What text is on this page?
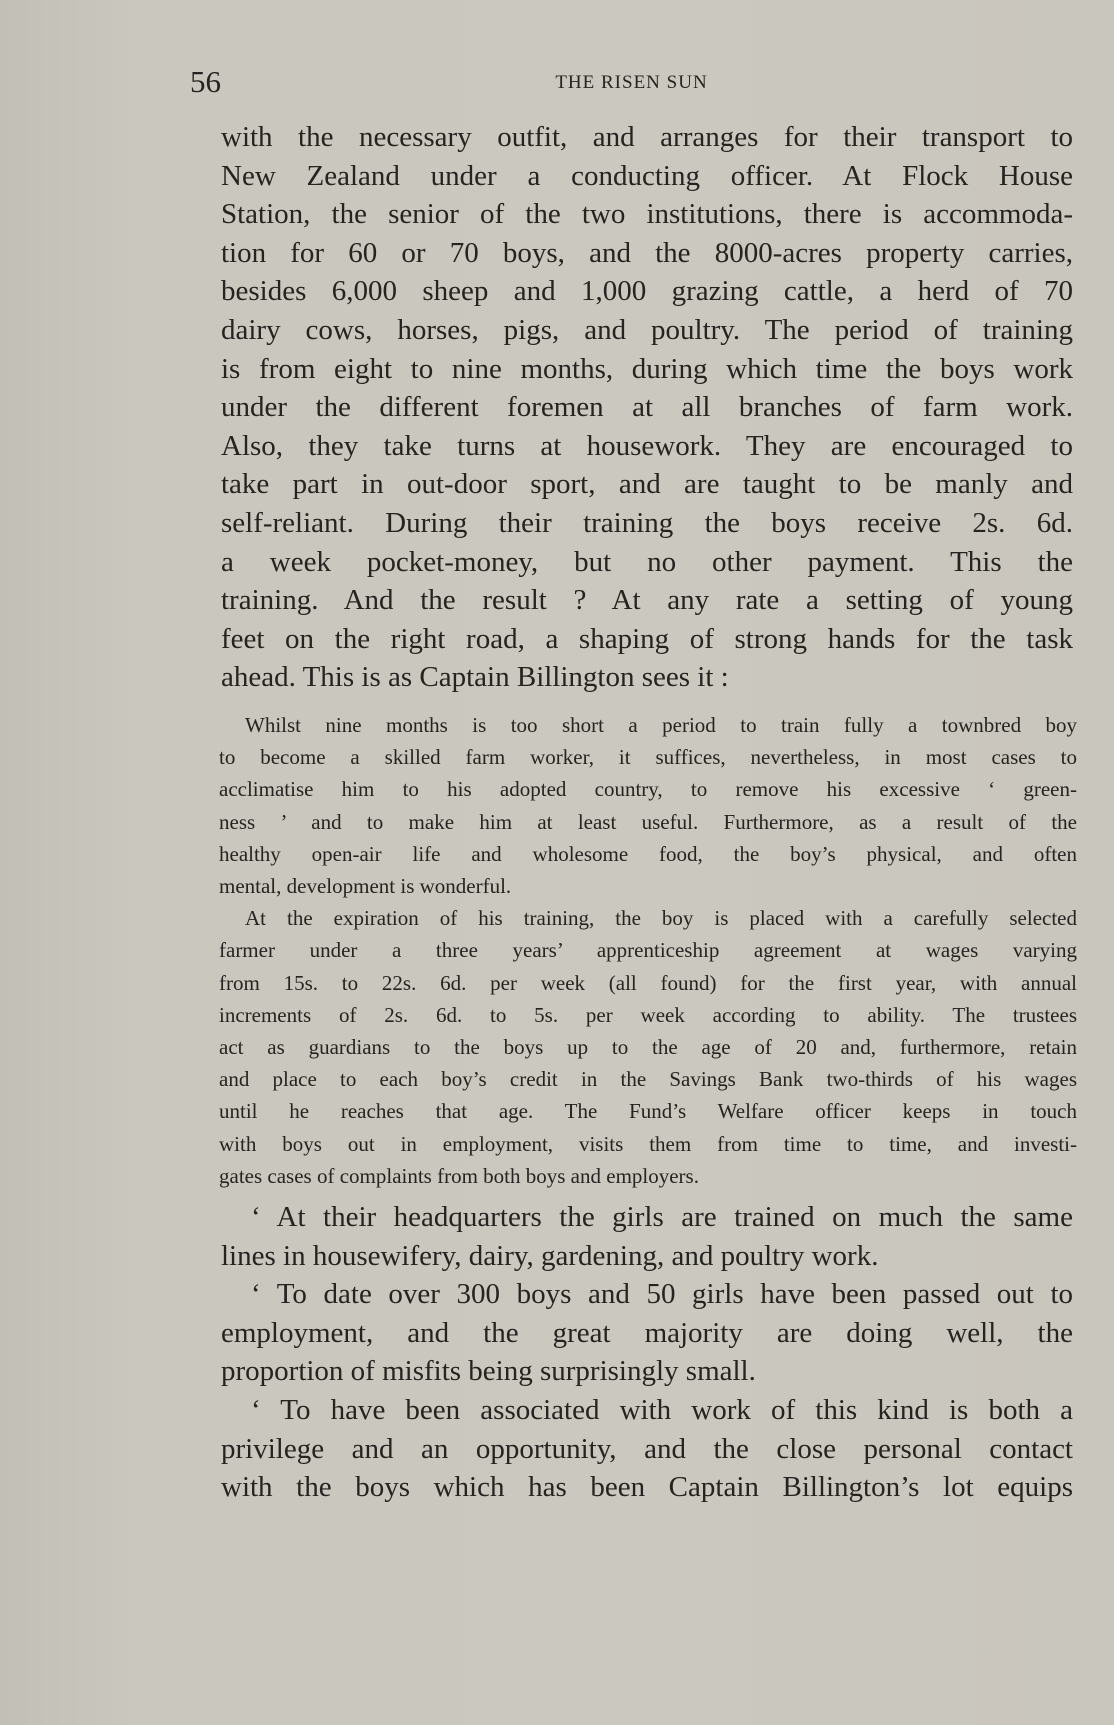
56	THE RISEN SUN
with the necessary outfit, and arranges for their transport to
New Zealand under a conducting officer. At Flock House
Station, the senior of the two institutions, there is accommoda-
tion for 60 or 70 boys, and the 8000-acres property carries,
besides 6,000 sheep and 1,000 grazing cattle, a herd of 70
dairy cows, horses, pigs, and poultry. The period of training
is from eight to nine months, during which time the boys work
under the different foremen at all branches of farm work.
Also, they take turns at housework. They are encouraged to
take part in out-door sport, and are taught to be manly and
self-reliant. During their training the boys receive 2s. 6d.
a week pocket-money, but no other payment. This the
training. And the result ? At any rate a setting of young
feet on the right road, a shaping of strong hands for the task
ahead. This is as Captain Billington sees it :
Whilst nine months is too short a period to train fully a townbred boy
to become a skilled farm worker, it suffices, nevertheless, in most cases to
acclimatise him to his adopted country, to remove his excessive ‘ green-
ness ’ and to make him at least useful. Furthermore, as a result of the
healthy open-air life and wholesome food, the boy’s physical, and often
mental, development is wonderful.
At the expiration of his training, the boy is placed with a carefully selected
farmer under a three years’ apprenticeship agreement at wages varying
from 15s. to 22s. 6d. per week (all found) for the first year, with annual
increments of 2s. 6d. to 5s. per week according to ability. The trustees
act as guardians to the boys up to the age of 20 and, furthermore, retain
and place to each boy’s credit in the Savings Bank two-thirds of his wages
until he reaches that age. The Fund’s Welfare officer keeps in touch
with boys out in employment, visits them from time to time, and investi-
gates cases of complaints from both boys and employers.
‘ At their headquarters the girls are trained on much the same
lines in housewifery, dairy, gardening, and poultry work.
‘ To date over 300 boys and 50 girls have been passed out to
employment, and the great majority are doing well, the
proportion of misfits being surprisingly small.
‘ To have been associated with work of this kind is both a
privilege and an opportunity, and the close personal contact
with the boys which has been Captain Billington’s lot equips
